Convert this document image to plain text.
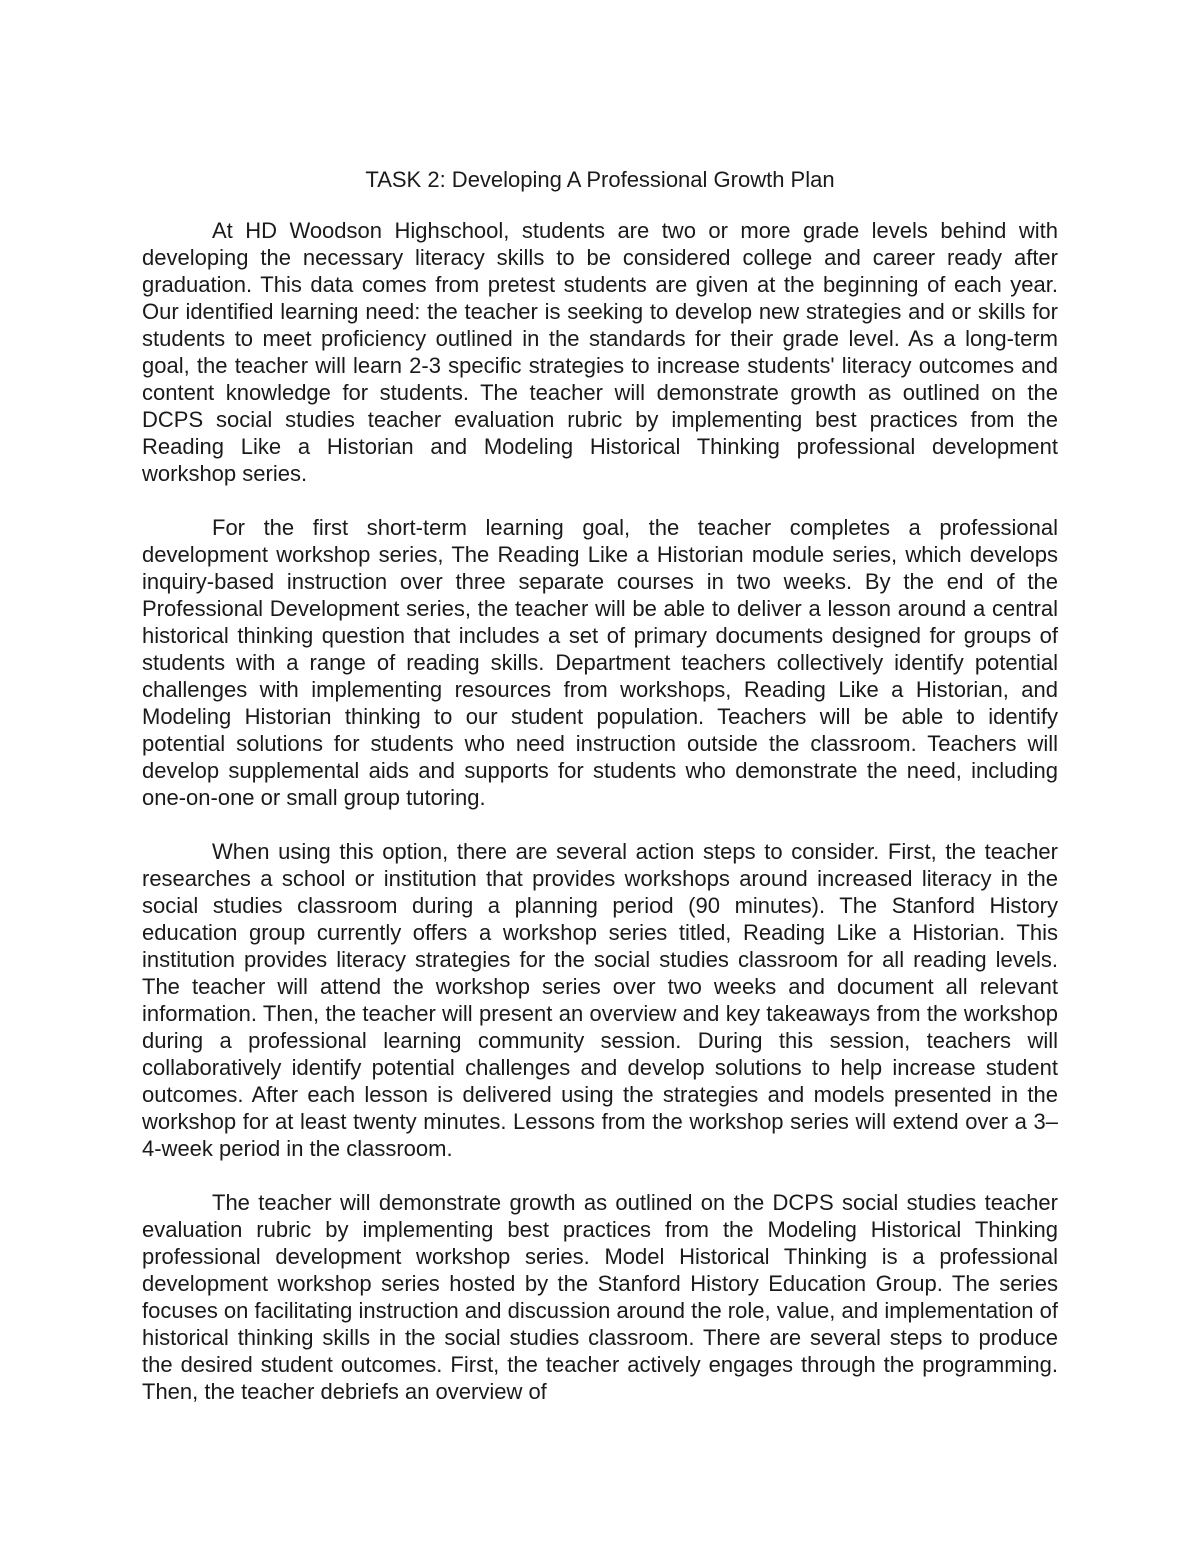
TASK 2: Developing A Professional Growth Plan

At HD Woodson Highschool, students are two or more grade levels behind with developing the necessary literacy skills to be considered college and career ready after graduation. This data comes from pretest students are given at the beginning of each year. Our identified learning need: the teacher is seeking to develop new strategies and or skills for students to meet proficiency outlined in the standards for their grade level. As a long-term goal, the teacher will learn 2-3 specific strategies to increase students' literacy outcomes and content knowledge for students. The teacher will demonstrate growth as outlined on the DCPS social studies teacher evaluation rubric by implementing best practices from the Reading Like a Historian and Modeling Historical Thinking professional development workshop series.

For the first short-term learning goal, the teacher completes a professional development workshop series, The Reading Like a Historian module series, which develops inquiry-based instruction over three separate courses in two weeks. By the end of the Professional Development series, the teacher will be able to deliver a lesson around a central historical thinking question that includes a set of primary documents designed for groups of students with a range of reading skills. Department teachers collectively identify potential challenges with implementing resources from workshops, Reading Like a Historian, and Modeling Historian thinking to our student population. Teachers will be able to identify potential solutions for students who need instruction outside the classroom. Teachers will develop supplemental aids and supports for students who demonstrate the need, including one-on-one or small group tutoring.

When using this option, there are several action steps to consider. First, the teacher researches a school or institution that provides workshops around increased literacy in the social studies classroom during a planning period (90 minutes). The Stanford History education group currently offers a workshop series titled, Reading Like a Historian. This institution provides literacy strategies for the social studies classroom for all reading levels. The teacher will attend the workshop series over two weeks and document all relevant information. Then, the teacher will present an overview and key takeaways from the workshop during a professional learning community session. During this session, teachers will collaboratively identify potential challenges and develop solutions to help increase student outcomes. After each lesson is delivered using the strategies and models presented in the workshop for at least twenty minutes. Lessons from the workshop series will extend over a 3–4-week period in the classroom.

The teacher will demonstrate growth as outlined on the DCPS social studies teacher evaluation rubric by implementing best practices from the Modeling Historical Thinking professional development workshop series. Model Historical Thinking is a professional development workshop series hosted by the Stanford History Education Group. The series focuses on facilitating instruction and discussion around the role, value, and implementation of historical thinking skills in the social studies classroom. There are several steps to produce the desired student outcomes. First, the teacher actively engages through the programming. Then, the teacher debriefs an overview of
